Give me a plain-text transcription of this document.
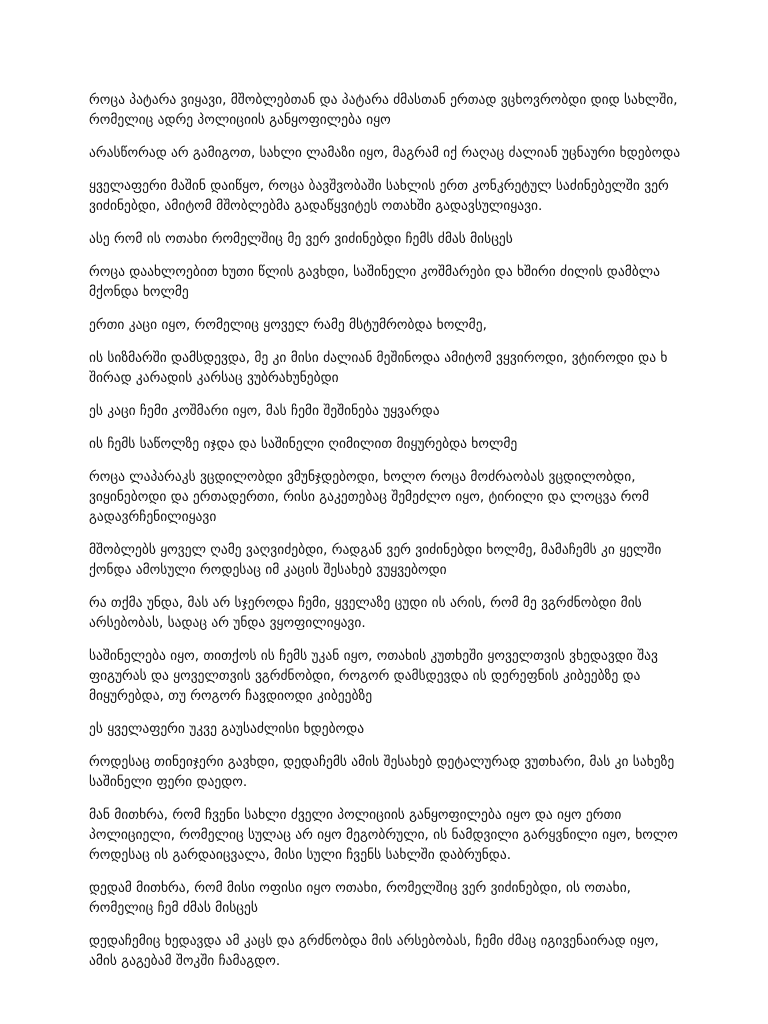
როცა პატარა ვიყავი, მშობლებთან და პატარა ძმასთან ერთად ვცხოვრობდი დიდ სახლში, რომელიც ადრე პოლიციის განყოფილება იყო

არასწორად არ გამიგოთ, სახლი ლამაზი იყო, მაგრამ იქ რაღაც ძალიან უცნაური ხდებოდა

ყველაფერი მაშინ დაიწყო, როცა ბავშვობაში სახლის ერთ კონკრეტულ საძინებელში ვერ ვიძინებდი, ამიტომ მშობლებმა გადაწყვიტეს ოთახში გადავსულიყავი.

ასე რომ ის ოთახი რომელშიც მე ვერ ვიძინებდი ჩემს ძმას მისცეს

როცა დაახლოებით ხუთი წლის გავხდი, საშინელი კოშმარები და ხშირი ძილის დამბლა მქონდა ხოლმე

ერთი კაცი იყო, რომელიც ყოველ რამე მსტუმრობდა ხოლმე,

ის სიზმარში დამსდევდა, მე კი მისი ძალიან მეშინოდა ამიტომ ვყვიროდი, ვტიროდი და ხ შირად კარადის კარსაც ვუბრახუნებდი

ეს კაცი ჩემი კოშმარი იყო, მას ჩემი შეშინება უყვარდა

ის ჩემს საწოლზე იჯდა და საშინელი ღიმილით მიყურებდა ხოლმე

როცა ლაპარაკს ვცდილობდი ვმუნჯდებოდი, ხოლო როცა მოძრაობას ვცდილობდი, ვიყინებოდი და ერთადერთი, რისი გაკეთებაც შემეძლო იყო, ტირილი და ლოცვა რომ გადავრჩენილიყავი

მშობლებს ყოველ ღამე ვაღვიძებდი, რადგან ვერ ვიძინებდი ხოლმე, მამაჩემს კი ყელში ქონდა ამოსული როდესაც იმ კაცის შესახებ ვუყვებოდი

რა თქმა უნდა, მას არ სჯეროდა ჩემი, ყველაზე ცუდი ის არის, რომ მე ვგრძნობდი მის არსებობას, სადაც არ უნდა ვყოფილიყავი.

საშინელება იყო, თითქოს ის ჩემს უკან იყო, ოთახის კუთხეში ყოველთვის ვხედავდი შავ ფიგურას და ყოველთვის ვგრძნობდი, როგორ დამსდევდა ის დერეფნის კიბეებზე და მიყურებდა, თუ როგორ ჩავდიოდი კიბეებზე

ეს ყველაფერი უკვე გაუსაძლისი ხდებოდა

როდესაც თინეიჯერი გავხდი, დედაჩემს ამის შესახებ დეტალურად ვუთხარი, მას კი სახეზე საშინელი ფერი დაედო.

მან მითხრა, რომ ჩვენი სახლი ძველი პოლიციის განყოფილება იყო და იყო ერთი პოლიციელი, რომელიც სულაც არ იყო მეგობრული, ის ნამდვილი გარყვნილი იყო, ხოლო როდესაც ის გარდაიცვალა, მისი სული ჩვენს სახლში დაბრუნდა.

დედამ მითხრა, რომ მისი ოფისი იყო ოთახი, რომელშიც ვერ ვიძინებდი, ის ოთახი, რომელიც ჩემ ძმას მისცეს

დედაჩემიც ხედავდა ამ კაცს და გრძნობდა მის არსებობას, ჩემი ძმაც იგივენაირად იყო, ამის გაგებამ შოკში ჩამაგდო.
